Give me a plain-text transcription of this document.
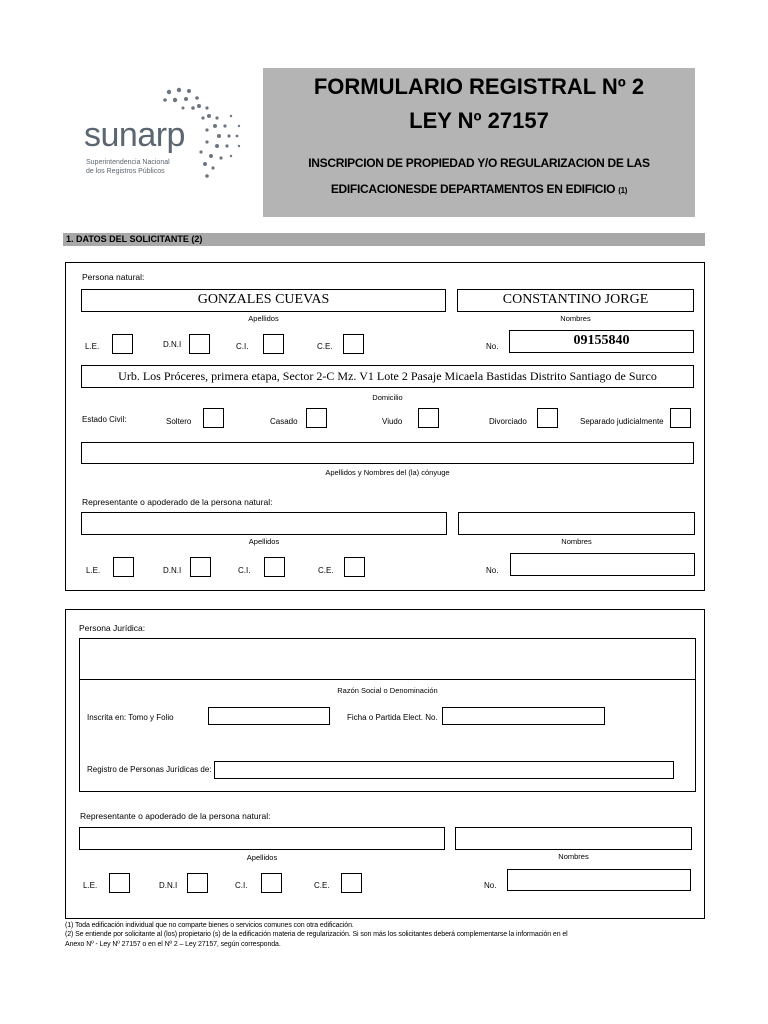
sunarp
Superintendencia Nacional
de los Registros Públicos
FORMULARIO REGISTRAL Nº 2
LEY Nº 27157
INSCRIPCION DE PROPIEDAD Y/O REGULARIZACION DE LAS
EDIFICACIONESDE DEPARTAMENTOS EN EDIFICIO (1)
1. DATOS DEL SOLICITANTE (2)
Persona natural:
GONZALES CUEVAS	CONSTANTINO JORGE
Apellidos	Nombres
L.E.	D.N.I	C.I.	C.E.	No.	09155840
Urb. Los Próceres, primera etapa, Sector 2-C Mz. V1 Lote 2 Pasaje Micaela Bastidas Distrito Santiago de Surco
Domicilio
Estado Civil:	Soltero	Casado	Viudo	Divorciado	Separado judicialmente
Apellidos y Nombres del (la) cónyuge
Representante o apoderado de la persona natural:
Apellidos	Nombres
L.E.	D.N.I	C.I.	C.E.	No.
Persona Jurídica:
Razón Social o Denominación
Inscrita en: Tomo y Folio	Ficha o Partida Elect. No.
Registro de Personas Jurídicas de:
Representante o apoderado de la persona natural:
Apellidos	Nombres
L.E.	D.N.I	C.I.	C.E.	No.
(1) Toda edificación individual que no comparte bienes o servicios comunes con otra edificación.
(2) Se entiende por solicitante al (los) propietario (s) de la edificación materia de regularización. Si son más los solicitantes deberá complementarse la información en el
Anexo Nº - Ley Nº 27157 o en el Nº 2 – Ley 27157, según corresponda.
